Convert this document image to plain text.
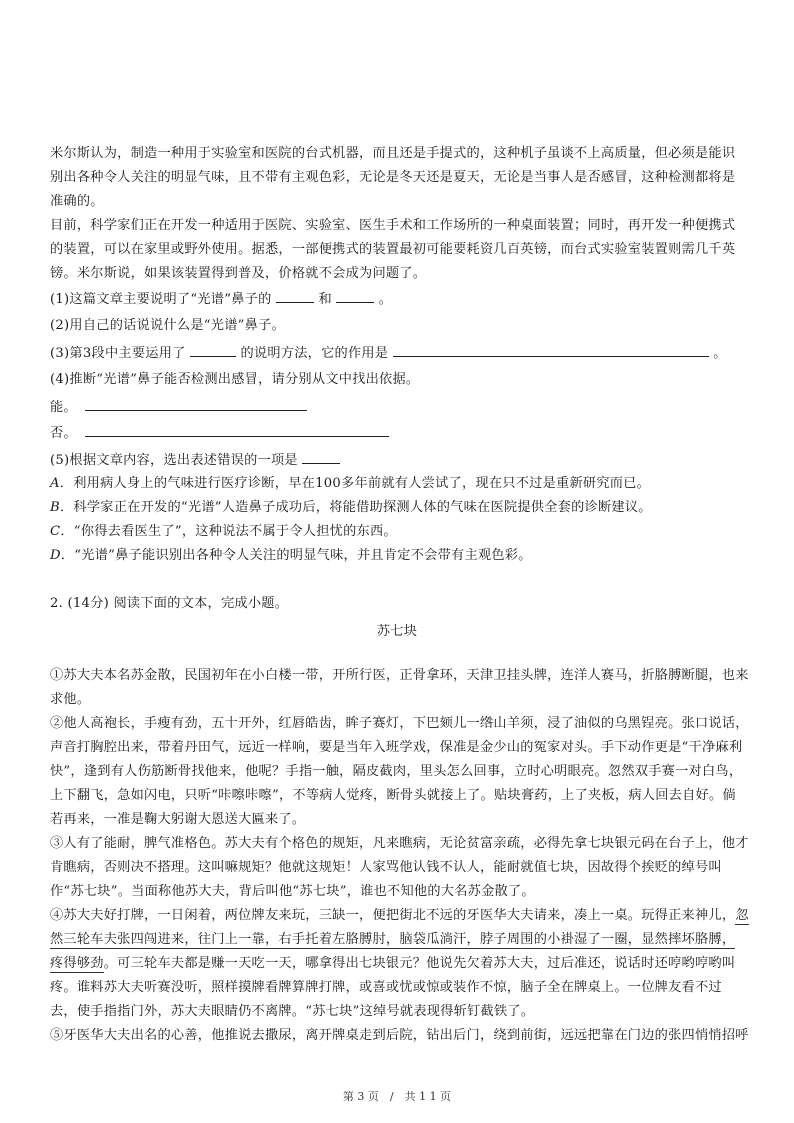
米尔斯认为，制造一种用于实验室和医院的台式机器，而且还是手提式的，这种机子虽谈不上高质量，但必须是能识
别出各种令人关注的明显气味，且不带有主观色彩，无论是冬天还是夏天，无论是当事人是否感冒，这种检测都将是
准确的。
目前，科学家们正在开发一种适用于医院、实验室、医生手术和工作场所的一种桌面装置；同时，再开发一种便携式
的装置，可以在家里或野外使用。据悉，一部便携式的装置最初可能要耗资几百英镑，而台式实验室装置则需几千英
镑。米尔斯说，如果该装置得到普及，价格就不会成为问题了。
(1)这篇文章主要说明了“光谱”鼻子的	和	。
(2)用自己的话说说什么是“光谱”鼻子。
(3)第3段中主要运用了	的说明方法，它的作用是	。
(4)推断“光谱”鼻子能否检测出感冒，请分别从文中找出依据。
能。
否。
(5)根据文章内容，选出表述错误的一项是
A．利用病人身上的气味进行医疗诊断，早在100多年前就有人尝试了，现在只不过是重新研究而已。
B．科学家正在开发的“光谱”人造鼻子成功后，将能借助探测人体的气味在医院提供全套的诊断建议。
C．“你得去看医生了”，这种说法不属于令人担忧的东西。
D．“光谱”鼻子能识别出各种令人关注的明显气味，并且肯定不会带有主观色彩。
2. (14分) 阅读下面的文本，完成小题。
苏七块
①苏大夫本名苏金散，民国初年在小白楼一带，开所行医，正骨拿环，天津卫挂头牌，连洋人赛马，折胳膊断腿，也来
求他。
②他人高袍长，手瘦有劲，五十开外，红唇皓齿，眸子赛灯，下巴颏儿一绺山羊须，浸了油似的乌黑锃亮。张口说话，
声音打胸腔出来，带着丹田气，远近一样响，要是当年入班学戏，保准是金少山的冤家对头。手下动作更是“干净麻利
快”，逢到有人伤筋断骨找他来，他呢？手指一触，隔皮截肉，里头怎么回事，立时心明眼亮。忽然双手赛一对白鸟，
上下翻飞，急如闪电，只听“咔嚓咔嚓”，不等病人觉疼，断骨头就接上了。贴块膏药，上了夹板，病人回去自好。倘
若再来，一准是鞠大躬谢大恩送大匾来了。
③人有了能耐，脾气准格色。苏大夫有个格色的规矩，凡来瞧病，无论贫富亲疏，必得先拿七块银元码在台子上，他才
肯瞧病，否则决不搭理。这叫嘛规矩？他就这规矩！人家骂他认钱不认人，能耐就值七块，因故得个挨贬的绰号叫
作“苏七块”。当面称他苏大夫，背后叫他“苏七块”，谁也不知他的大名苏金散了。
④苏大夫好打牌，一日闲着，两位牌友来玩，三缺一，便把街北不远的牙医华大夫请来，凑上一桌。玩得正来神儿，忽
然三轮车夫张四闯进来，往门上一靠，右手托着左胳膊肘，脑袋瓜淌汗，脖子周围的小褂湿了一圈，显然摔坏胳膊，
疼得够劲。可三轮车夫都是赚一天吃一天，哪拿得出七块银元？他说先欠着苏大夫，过后准还，说话时还哼哟哼哟叫
疼。谁料苏大夫听赛没听，照样摸牌看牌算牌打牌，或喜或忧或惊或装作不惊，脑子全在牌桌上。一位牌友看不过
去，使手指指门外，苏大夫眼睛仍不离牌。“苏七块”这绰号就表现得斩钉截铁了。
⑤牙医华大夫出名的心善，他推说去撒尿，离开牌桌走到后院，钻出后门，绕到前街，远远把靠在门边的张四悄悄招呼
第 3 页　/　共 1 1 页
